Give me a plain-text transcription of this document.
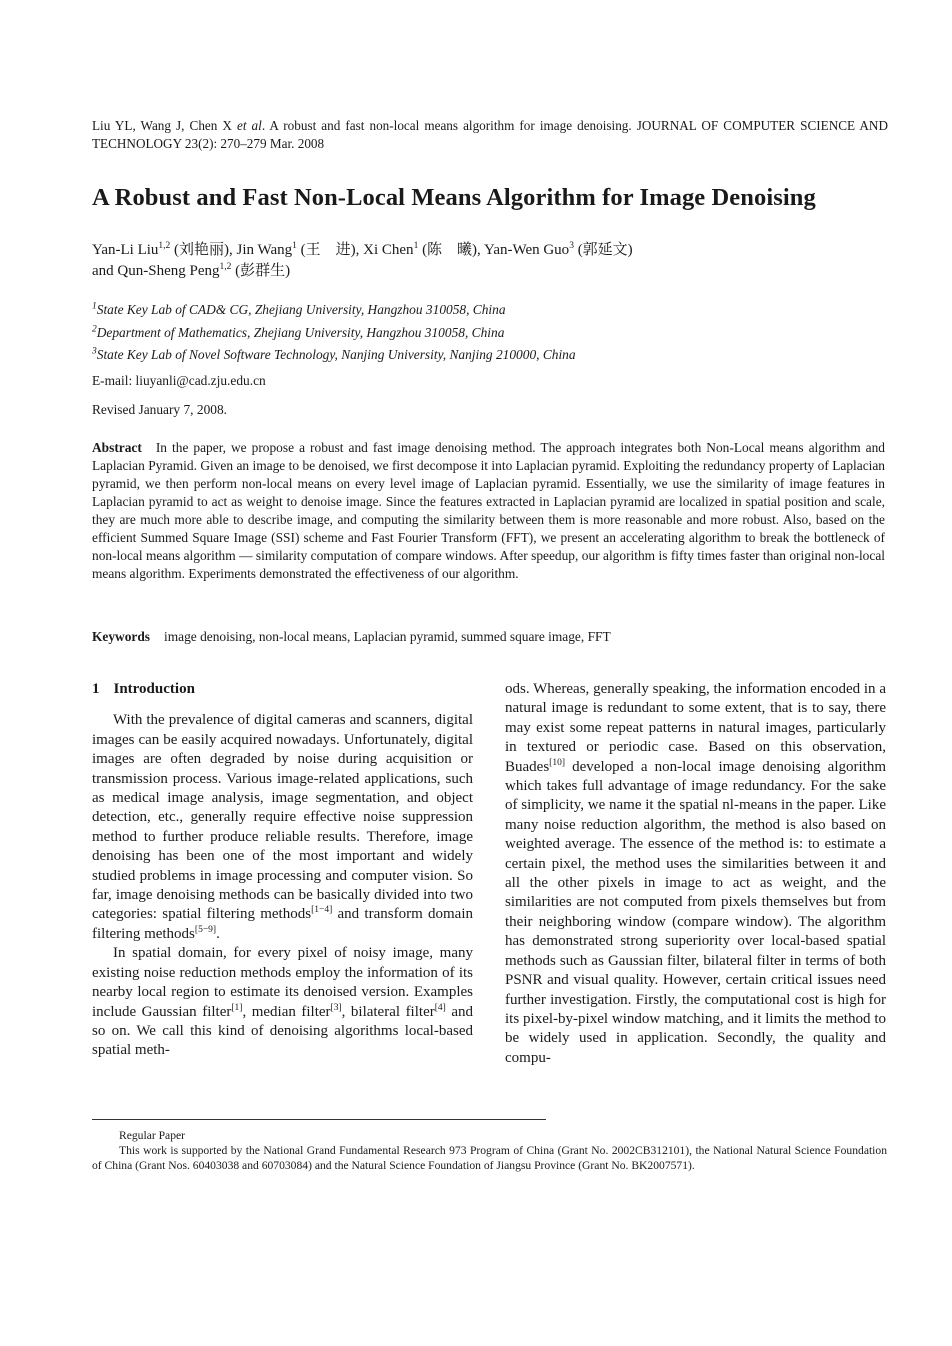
Liu YL, Wang J, Chen X et al. A robust and fast non-local means algorithm for image denoising. JOURNAL OF COMPUTER SCIENCE AND TECHNOLOGY 23(2): 270–279 Mar. 2008
A Robust and Fast Non-Local Means Algorithm for Image Denoising
Yan-Li Liu$^{1,2}$ (刘艳丽), Jin Wang$^1$ (王　进), Xi Chen$^1$ (陈　曦), Yan-Wen Guo$^3$ (郭延文)
and Qun-Sheng Peng$^{1,2}$ (彭群生)
$^1$State Key Lab of CAD& CG, Zhejiang University, Hangzhou 310058, China
$^2$Department of Mathematics, Zhejiang University, Hangzhou 310058, China
$^3$State Key Lab of Novel Software Technology, Nanjing University, Nanjing 210000, China
E-mail: liuyanli@cad.zju.edu.cn
Revised January 7, 2008.
Abstract In the paper, we propose a robust and fast image denoising method. The approach integrates both Non-Local means algorithm and Laplacian Pyramid. Given an image to be denoised, we first decompose it into Laplacian pyramid. Exploiting the redundancy property of Laplacian pyramid, we then perform non-local means on every level image of Laplacian pyramid. Essentially, we use the similarity of image features in Laplacian pyramid to act as weight to denoise image. Since the features extracted in Laplacian pyramid are localized in spatial position and scale, they are much more able to describe image, and computing the similarity between them is more reasonable and more robust. Also, based on the efficient Summed Square Image (SSI) scheme and Fast Fourier Transform (FFT), we present an accelerating algorithm to break the bottleneck of non-local means algorithm — similarity computation of compare windows. After speedup, our algorithm is fifty times faster than original non-local means algorithm. Experiments demonstrated the effectiveness of our algorithm.
Keywords image denoising, non-local means, Laplacian pyramid, summed square image, FFT
1 Introduction

With the prevalence of digital cameras and scanners, digital images can be easily acquired nowadays. Unfortunately, digital images are often degraded by noise during acquisition or transmission process. Various image-related applications, such as medical image analysis, image segmentation, and object detection, etc., generally require effective noise suppression method to further produce reliable results. Therefore, image denoising has been one of the most important and widely studied problems in image processing and computer vision. So far, image denoising methods can be basically divided into two categories: spatial filtering methods[1−4] and transform domain filtering methods[5−9].

In spatial domain, for every pixel of noisy image, many existing noise reduction methods employ the information of its nearby local region to estimate its denoised version. Examples include Gaussian filter[1], median filter[3], bilateral filter[4] and so on. We call this kind of denoising algorithms local-based spatial meth-

ods. Whereas, generally speaking, the information encoded in a natural image is redundant to some extent, that is to say, there may exist some repeat patterns in natural images, particularly in textured or periodic case. Based on this observation, Buades[10] developed a non-local image denoising algorithm which takes full advantage of image redundancy. For the sake of simplicity, we name it the spatial nl-means in the paper. Like many noise reduction algorithm, the method is also based on weighted average. The essence of the method is: to estimate a certain pixel, the method uses the similarities between it and all the other pixels in image to act as weight, and the similarities are not computed from pixels themselves but from their neighboring window (compare window). The algorithm has demonstrated strong superiority over local-based spatial methods such as Gaussian filter, bilateral filter in terms of both PSNR and visual quality. However, certain critical issues need further investigation. Firstly, the computational cost is high for its pixel-by-pixel window matching, and it limits the method to be widely used in application. Secondly, the quality and compu-

Regular Paper

This work is supported by the National Grand Fundamental Research 973 Program of China (Grant No. 2002CB312101), the National Natural Science Foundation of China (Grant Nos. 60403038 and 60703084) and the Natural Science Foundation of Jiangsu Province (Grant No. BK2007571).
